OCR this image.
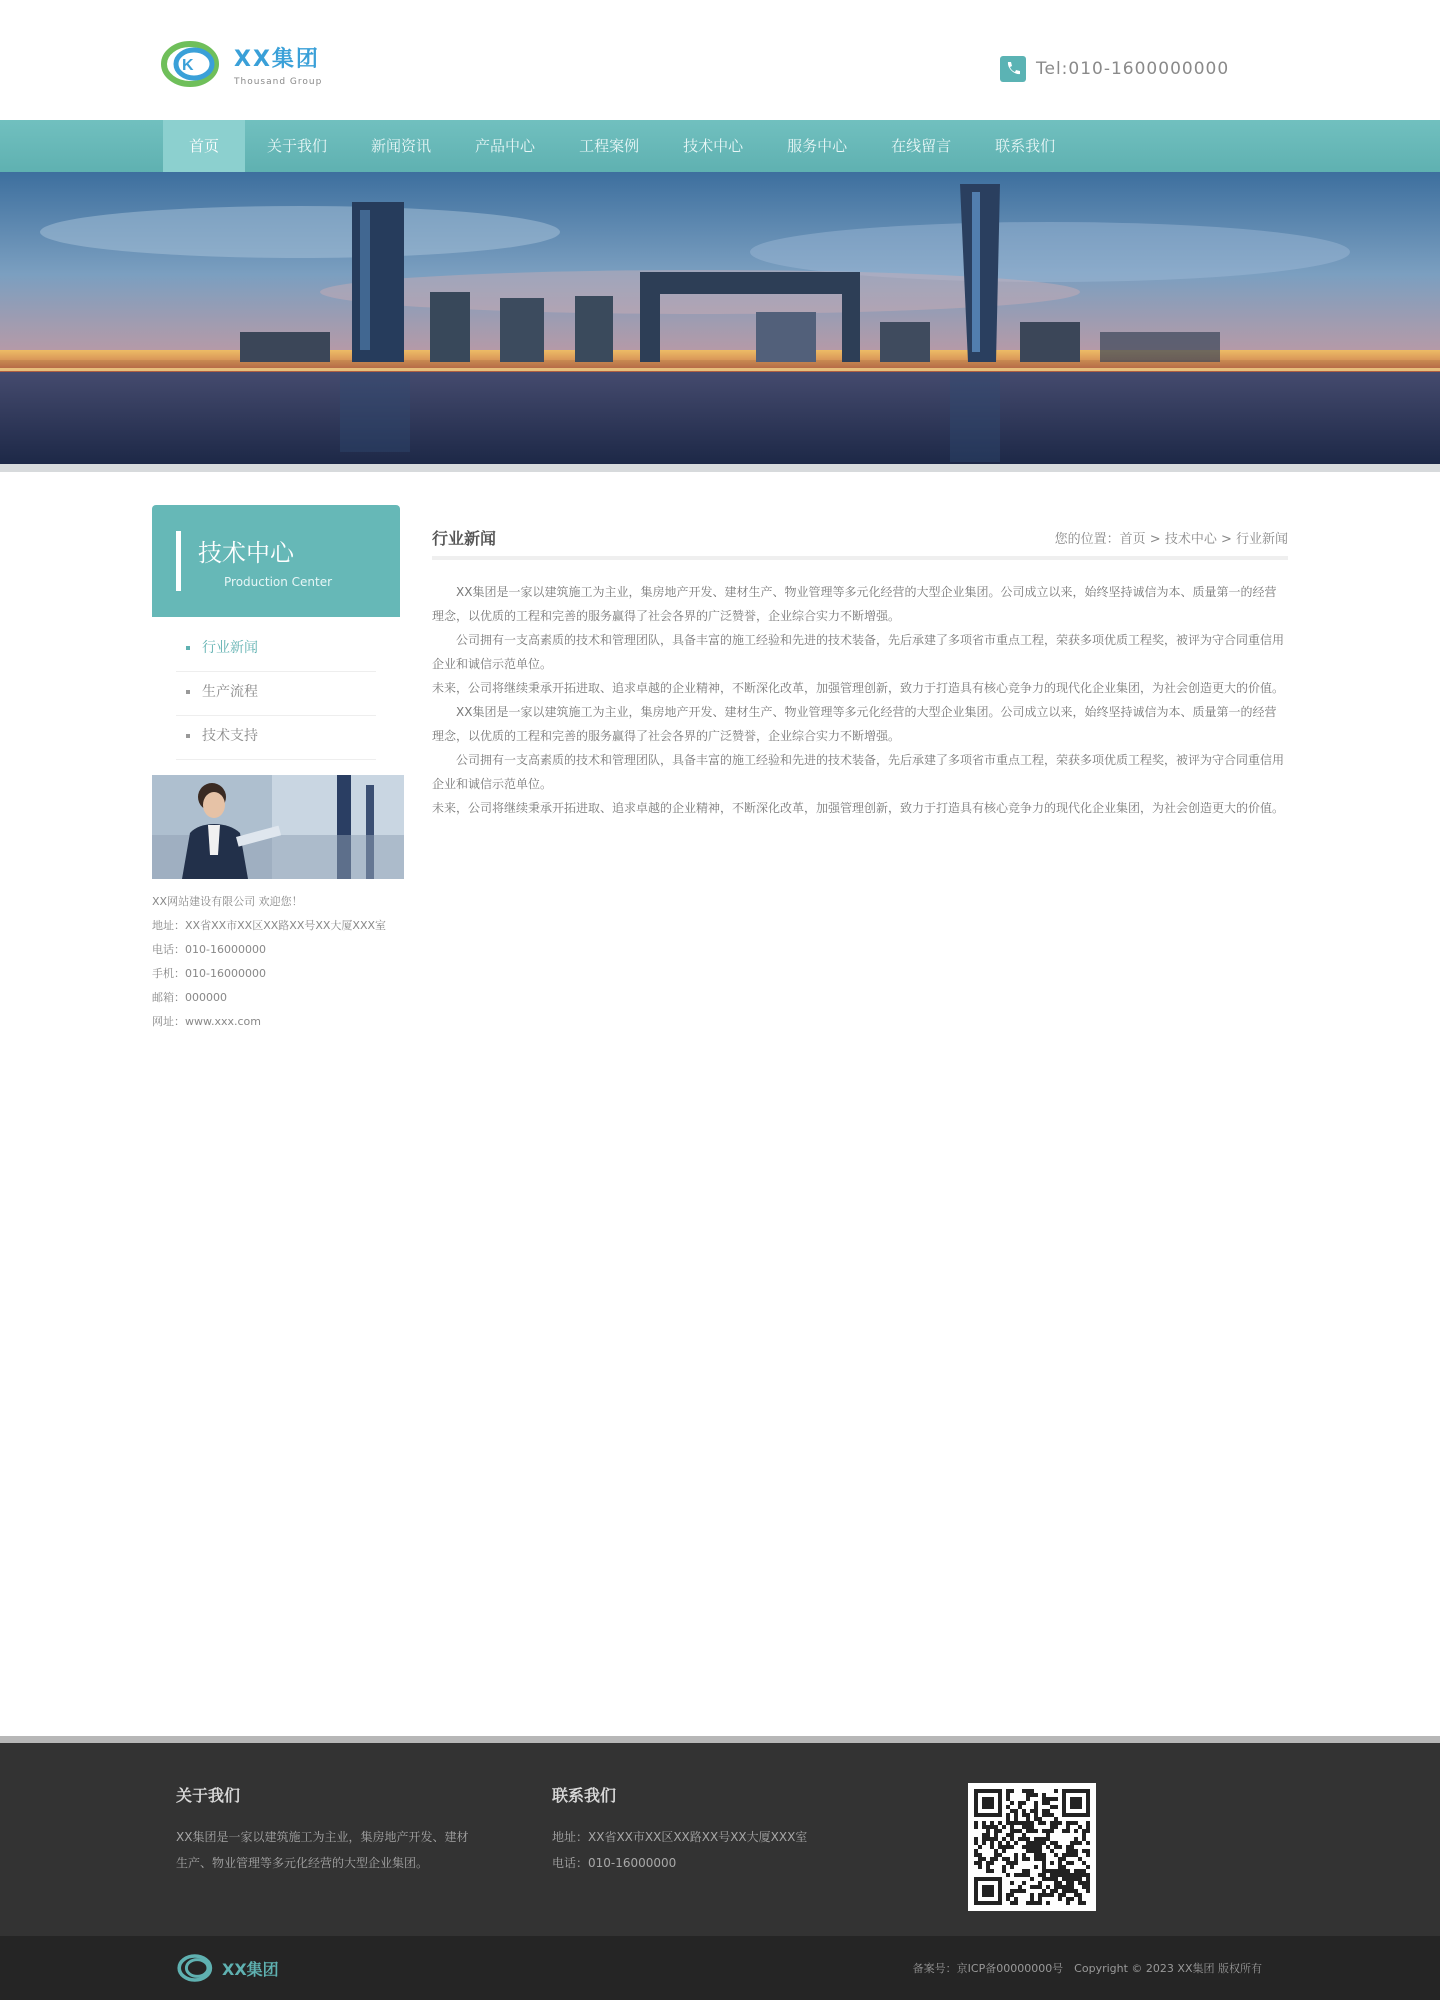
K XX集团
Thousand Group
Tel:010-1600000000
首页	关于我们	新闻资讯	产品中心	工程案例	技术中心	服务中心	在线留言	联系我们
技术中心
Production Center
行业新闻
生产流程
技术支持
XX网站建设有限公司 欢迎您！
地址：XX省XX市XX区XX路XX号XX大厦XXX室
电话：010-16000000
手机：010-16000000
邮箱：000000
网址：www.xxx.com
行业新闻	您的位置：首页 > 技术中心 > 行业新闻

XX集团是一家以建筑施工为主业，集房地产开发、建材生产、物业管理等多元化经营的大型企业集团。公司成立以来，始终坚持诚信为本、质量第一的经营理念，以优质的工程和完善的服务赢得了社会各界的广泛赞誉，企业综合实力不断增强。

公司拥有一支高素质的技术和管理团队，具备丰富的施工经验和先进的技术装备，先后承建了多项省市重点工程，荣获多项优质工程奖，被评为守合同重信用企业和诚信示范单位。

未来，公司将继续秉承开拓进取、追求卓越的企业精神，不断深化改革，加强管理创新，致力于打造具有核心竞争力的现代化企业集团，为社会创造更大的价值。

XX集团是一家以建筑施工为主业，集房地产开发、建材生产、物业管理等多元化经营的大型企业集团。公司成立以来，始终坚持诚信为本、质量第一的经营理念，以优质的工程和完善的服务赢得了社会各界的广泛赞誉，企业综合实力不断增强。

公司拥有一支高素质的技术和管理团队，具备丰富的施工经验和先进的技术装备，先后承建了多项省市重点工程，荣获多项优质工程奖，被评为守合同重信用企业和诚信示范单位。

未来，公司将继续秉承开拓进取、追求卓越的企业精神，不断深化改革，加强管理创新，致力于打造具有核心竞争力的现代化企业集团，为社会创造更大的价值。

关于我们
XX集团是一家以建筑施工为主业，集房地产开发、建材生产、物业管理等多元化经营的大型企业集团。
联系我们
地址：XX省XX市XX区XX路XX号XX大厦XXX室
电话：010-16000000
XX集团	备案号：京ICP备00000000号　Copyright © 2023 XX集团 版权所有
